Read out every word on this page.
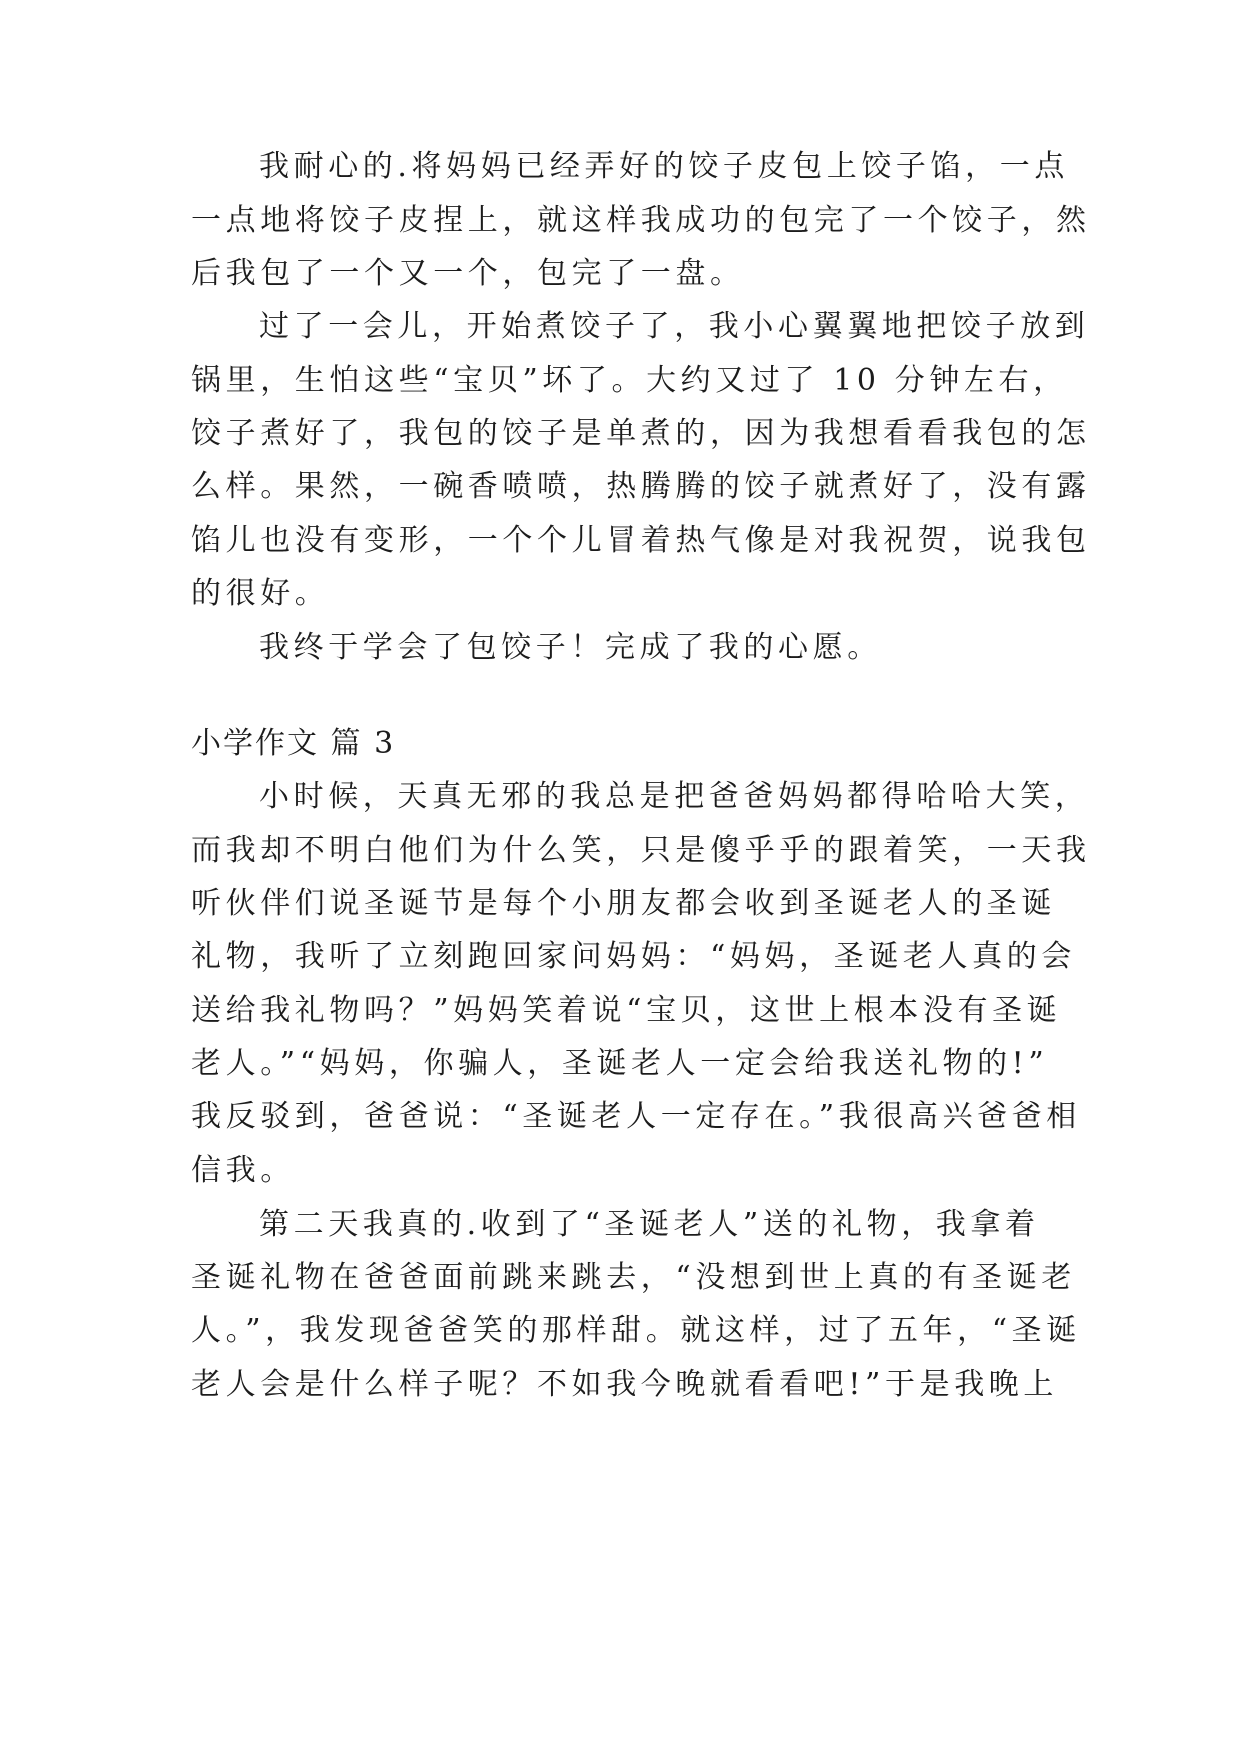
我耐心的.将妈妈已经弄好的饺子皮包上饺子馅，一点
一点地将饺子皮捏上，就这样我成功的包完了一个饺子，然
后我包了一个又一个，包完了一盘。
过了一会儿，开始煮饺子了，我小心翼翼地把饺子放到
锅里，生怕这些“宝贝”坏了。大约又过了 10 分钟左右，
饺子煮好了，我包的饺子是单煮的，因为我想看看我包的怎
么样。果然，一碗香喷喷，热腾腾的饺子就煮好了，没有露
馅儿也没有变形，一个个儿冒着热气像是对我祝贺，说我包
的很好。
我终于学会了包饺子！完成了我的心愿。
小学作文 篇 3
小时候，天真无邪的我总是把爸爸妈妈都得哈哈大笑，
而我却不明白他们为什么笑，只是傻乎乎的跟着笑，一天我
听伙伴们说圣诞节是每个小朋友都会收到圣诞老人的圣诞
礼物，我听了立刻跑回家问妈妈：“妈妈，圣诞老人真的会
送给我礼物吗？”妈妈笑着说“宝贝，这世上根本没有圣诞
老人。”“妈妈，你骗人，圣诞老人一定会给我送礼物的!”
我反驳到，爸爸说：“圣诞老人一定存在。”我很高兴爸爸相
信我。
第二天我真的.收到了“圣诞老人”送的礼物，我拿着
圣诞礼物在爸爸面前跳来跳去，“没想到世上真的有圣诞老
人。”，我发现爸爸笑的那样甜。就这样，过了五年，“圣诞
老人会是什么样子呢？不如我今晚就看看吧!”于是我晚上
